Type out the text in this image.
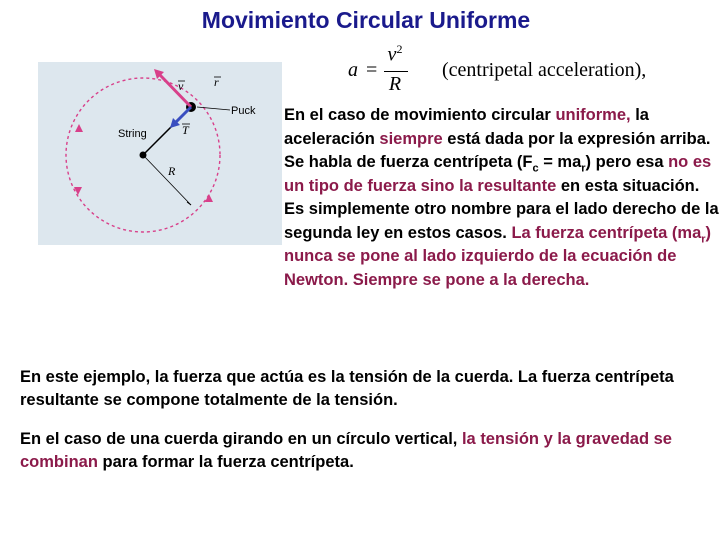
Movimiento Circular Uniforme
v	r
Puck
T
String
R
a =
$v^2$
R
(centripetal acceleration),
En el caso de movimiento circular uniforme, la aceleración siempre está dada por la expresión arriba. Se habla de fuerza centrípeta $(F_c = ma_r)$ pero esa no es un tipo de fuerza sino la resultante en esta situación. Es simplemente otro nombre para el lado derecho de la segunda ley en estos casos. La fuerza centrípeta $(ma_r)$ nunca se pone al lado izquierdo de la ecuación de Newton. Siempre se pone a la derecha.
En este ejemplo, la fuerza que actúa es la tensión de la cuerda. La fuerza centrípeta resultante se compone totalmente de la tensión.
En el caso de una cuerda girando en un círculo vertical, la tensión y la gravedad se combinan para formar la fuerza centrípeta.
